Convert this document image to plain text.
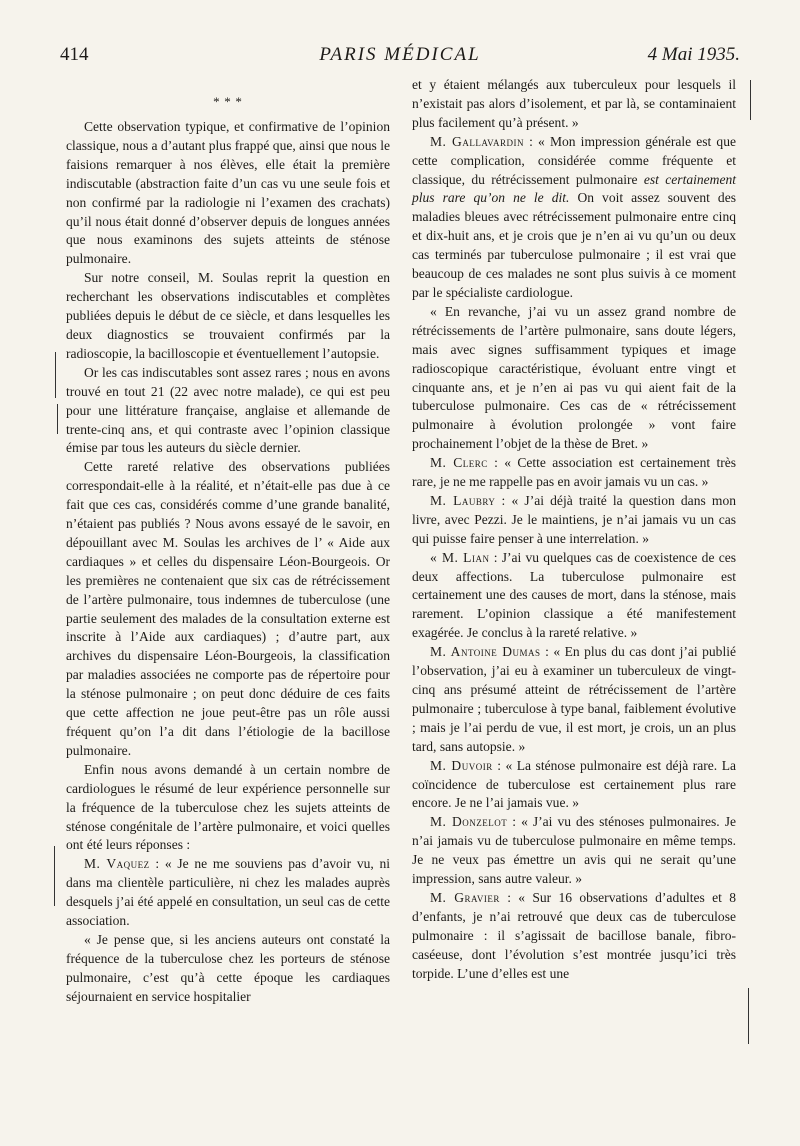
414	PARIS MÉDICAL	4 Mai 1935.
* * *

Cette observation typique, et confirmative de l’opinion classique, nous a d’autant plus frappé que, ainsi que nous le faisions remarquer à nos élèves, elle était la première indiscutable (abstraction faite d’un cas vu une seule fois et non confirmé par la radiologie ni l’examen des crachats) qu’il nous était donné d’observer depuis de longues années que nous examinons des sujets atteints de sténose pulmonaire.

Sur notre conseil, M. Soulas reprit la question en recherchant les observations indiscutables et complètes publiées depuis le début de ce siècle, et dans lesquelles les deux diagnostics se trouvaient confirmés par la radioscopie, la bacilloscopie et éventuellement l’autopsie.

Or les cas indiscutables sont assez rares ; nous en avons trouvé en tout 21 (22 avec notre malade), ce qui est peu pour une littérature française, anglaise et allemande de trente-cinq ans, et qui contraste avec l’opinion classique émise par tous les auteurs du siècle dernier.

Cette rareté relative des observations publiées correspondait-elle à la réalité, et n’était-elle pas due à ce fait que ces cas, considérés comme d’une grande banalité, n’étaient pas publiés ? Nous avons essayé de le savoir, en dépouillant avec M. Soulas les archives de l’ « Aide aux cardiaques » et celles du dispensaire Léon-Bourgeois. Or les premières ne contenaient que six cas de rétrécissement de l’artère pulmonaire, tous indemnes de tuberculose (une partie seulement des malades de la consultation externe est inscrite à l’Aide aux cardiaques) ; d’autre part, aux archives du dispensaire Léon-Bourgeois, la classification par maladies associées ne comporte pas de répertoire pour la sténose pulmonaire ; on peut donc déduire de ces faits que cette affection ne joue peut-être pas un rôle aussi fréquent qu’on l’a dit dans l’étiologie de la bacillose pulmonaire.

Enfin nous avons demandé à un certain nombre de cardiologues le résumé de leur expérience personnelle sur la fréquence de la tuberculose chez les sujets atteints de sténose congénitale de l’artère pulmonaire, et voici quelles ont été leurs réponses :

M. Vaquez : « Je ne me souviens pas d’avoir vu, ni dans ma clientèle particulière, ni chez les malades auprès desquels j’ai été appelé en consultation, un seul cas de cette association.

« Je pense que, si les anciens auteurs ont constaté la fréquence de la tuberculose chez les porteurs de sténose pulmonaire, c’est qu’à cette époque les cardiaques séjournaient en service hospitalier

et y étaient mélangés aux tuberculeux pour lesquels il n’existait pas alors d’isolement, et par là, se contaminaient plus facilement qu’à présent. »

M. Gallavardin : « Mon impression générale est que cette complication, considérée comme fréquente et classique, du rétrécissement pulmonaire est certainement plus rare qu’on ne le dit. On voit assez souvent des maladies bleues avec rétrécissement pulmonaire entre cinq et dix-huit ans, et je crois que je n’en ai vu qu’un ou deux cas terminés par tuberculose pulmonaire ; il est vrai que beaucoup de ces malades ne sont plus suivis à ce moment par le spécialiste cardiologue.

« En revanche, j’ai vu un assez grand nombre de rétrécissements de l’artère pulmonaire, sans doute légers, mais avec signes suffisamment typiques et image radioscopique caractéristique, évoluant entre vingt et cinquante ans, et je n’en ai pas vu qui aient fait de la tuberculose pulmonaire. Ces cas de « rétrécissement pulmonaire à évolution prolongée » vont faire prochainement l’objet de la thèse de Bret. »

M. Clerc : « Cette association est certainement très rare, je ne me rappelle pas en avoir jamais vu un cas. »

M. Laubry : « J’ai déjà traité la question dans mon livre, avec Pezzi. Je le maintiens, je n’ai jamais vu un cas qui puisse faire penser à une interrelation. »

« M. Lian : J’ai vu quelques cas de coexistence de ces deux affections. La tuberculose pulmonaire est certainement une des causes de mort, dans la sténose, mais rarement. L’opinion classique a été manifestement exagérée. Je conclus à la rareté relative. »

M. Antoine Dumas : « En plus du cas dont j’ai publié l’observation, j’ai eu à examiner un tuberculeux de vingt-cinq ans présumé atteint de rétrécissement de l’artère pulmonaire ; tuberculose à type banal, faiblement évolutive ; mais je l’ai perdu de vue, il est mort, je crois, un an plus tard, sans autopsie. »

M. Duvoir : « La sténose pulmonaire est déjà rare. La coïncidence de tuberculose est certainement plus rare encore. Je ne l’ai jamais vue. »

M. Donzelot : « J’ai vu des sténoses pulmonaires. Je n’ai jamais vu de tuberculose pulmonaire en même temps. Je ne veux pas émettre un avis qui ne serait qu’une impression, sans autre valeur. »

M. Gravier : « Sur 16 observations d’adultes et 8 d’enfants, je n’ai retrouvé que deux cas de tuberculose pulmonaire : il s’agissait de bacillose banale, fibro-caséeuse, dont l’évolution s’est montrée jusqu’ici très torpide. L’une d’elles est une
